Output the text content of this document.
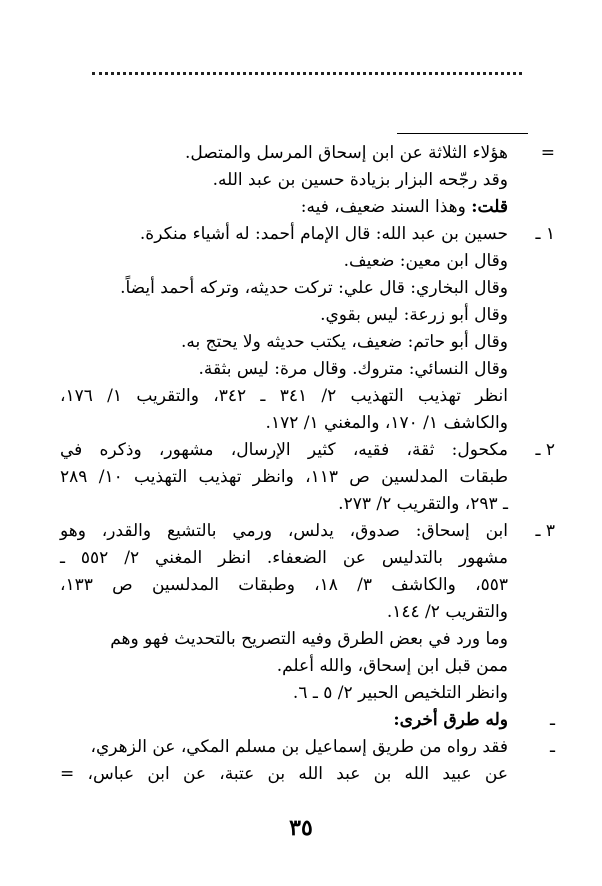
=
هؤلاء الثلاثة عن ابن إسحاق المرسل والمتصل.
وقد رجّحه البزار بزيادة حسين بن عبد الله.
قلت: وهذا السند ضعيف، فيه:
١ ـ
حسين بن عبد الله: قال الإمام أحمد: له أشياء منكرة.
وقال ابن معين: ضعيف.
وقال البخاري: قال علي: تركت حديثه، وتركه أحمد أيضاً.
وقال أبو زرعة: ليس بقوي.
وقال أبو حاتم: ضعيف، يكتب حديثه ولا يحتج به.
وقال النسائي: متروك. وقال مرة: ليس بثقة.
انظر تهذيب التهذيب ٢/ ٣٤١ ـ ٣٤٢، والتقريب ١/ ١٧٦،
والكاشف ١/ ١٧٠، والمغني ١/ ١٧٢.
٢ ـ
مكحول: ثقة، فقيه، كثير الإرسال، مشهور، وذكره في
طبقات المدلسين ص ١١٣، وانظر تهذيب التهذيب ١٠/ ٢٨٩
ـ ٢٩٣، والتقريب ٢/ ٢٧٣.
٣ ـ
ابن إسحاق: صدوق، يدلس، ورمي بالتشيع والقدر، وهو
مشهور بالتدليس عن الضعفاء. انظر المغني ٢/ ٥٥٢ ـ
٥٥٣، والكاشف ٣/ ١٨، وطبقات المدلسين ص ١٣٣،
والتقريب ٢/ ١٤٤.
وما ورد في بعض الطرق وفيه التصريح بالتحديث فهو وهم
ممن قبل ابن إسحاق، والله أعلم.
وانظر التلخيص الحبير ٢/ ٥ ـ ٦.
ـ
وله طرق أخرى:
ـ
فقد رواه من طريق إسماعيل بن مسلم المكي، عن الزهري،
عن عبيد الله بن عبد الله بن عتبة، عن ابن عباس، =
٣٥
